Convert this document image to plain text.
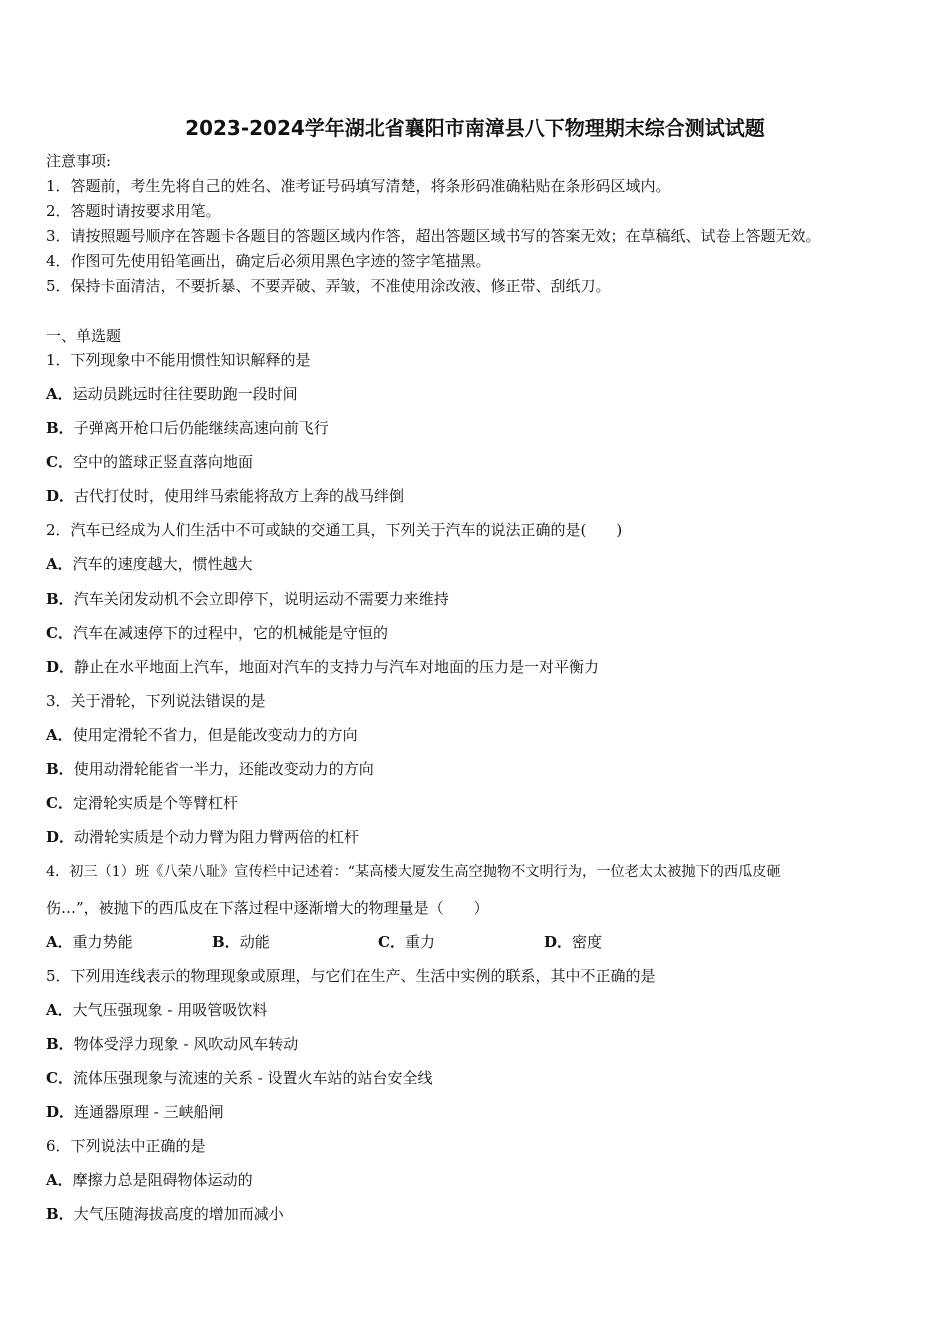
2023-2024学年湖北省襄阳市南漳县八下物理期末综合测试试题
注意事项:
1．答题前，考生先将自己的姓名、准考证号码填写清楚，将条形码准确粘贴在条形码区域内。
2．答题时请按要求用笔。
3．请按照题号顺序在答题卡各题目的答题区域内作答，超出答题区域书写的答案无效；在草稿纸、试卷上答题无效。
4．作图可先使用铅笔画出，确定后必须用黑色字迹的签字笔描黑。
5．保持卡面清洁，不要折暴、不要弄破、弄皱，不准使用涂改液、修正带、刮纸刀。
一、单选题
1．下列现象中不能用惯性知识解释的是
A．运动员跳远时往往要助跑一段时间
B．子弹离开枪口后仍能继续高速向前飞行
C．空中的篮球正竖直落向地面
D．古代打仗时，使用绊马索能将敌方上奔的战马绊倒
2．汽车已经成为人们生活中不可或缺的交通工具，下列关于汽车的说法正确的是(　　)
A．汽车的速度越大，惯性越大
B．汽车关闭发动机不会立即停下，说明运动不需要力来维持
C．汽车在减速停下的过程中，它的机械能是守恒的
D．静止在水平地面上汽车，地面对汽车的支持力与汽车对地面的压力是一对平衡力
3．关于滑轮，下列说法错误的是
A．使用定滑轮不省力，但是能改变动力的方向
B．使用动滑轮能省一半力，还能改变动力的方向
C．定滑轮实质是个等臂杠杆
D．动滑轮实质是个动力臂为阻力臂两倍的杠杆
4．初三（1）班《八荣八耻》宣传栏中记述着：“某高楼大厦发生高空抛物不文明行为，一位老太太被抛下的西瓜皮砸
伤…”，被抛下的西瓜皮在下落过程中逐渐增大的物理量是（　　）
A．重力势能	B．动能	C．重力	D．密度
5．下列用连线表示的物理现象或原理，与它们在生产、生活中实例的联系，其中不正确的是
A．大气压强现象 - 用吸管吸饮料
B．物体受浮力现象 - 风吹动风车转动
C．流体压强现象与流速的关系 - 设置火车站的站台安全线
D．连通器原理 - 三峡船闸
6．下列说法中正确的是
A．摩擦力总是阻碍物体运动的
B．大气压随海拔高度的增加而减小
